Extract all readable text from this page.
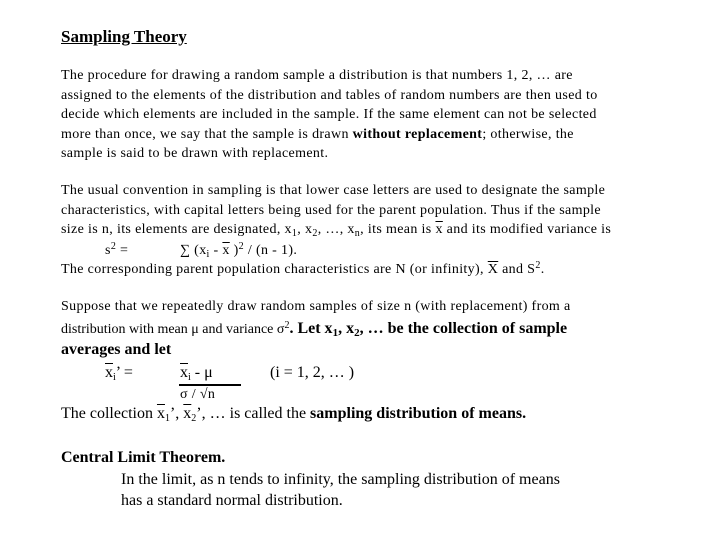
Sampling Theory
The procedure for drawing a random sample a distribution is that numbers 1, 2, … are
assigned to the elements of the distribution and tables of random numbers are then used to
decide which elements are included in the sample. If the same element can not be selected
more than once, we say that the sample is drawn without replacement; otherwise, the
sample is said to be drawn with replacement.
The usual convention in sampling is that lower case letters are used to designate the sample
characteristics, with capital letters being used for the parent population. Thus if the sample
size is n, its elements are designated, $x_1$, $x_2$, …, $x_n$, its mean is $\overline{x}$ and its modified variance is
$s^2$ =	∑ ($x_i - \overline{x}$ )$^2$ / (n - 1).
The corresponding parent population characteristics are N (or infinity), $\overline{X}$ and $S^2$.
Suppose that we repeatedly draw random samples of size n (with replacement) from a
distribution with mean μ and variance $\sigma^2$. Let x1, x2, … be the collection of sample
averages and let
$\overline{x}_i$’ =	$\overline{x}_i$ - μ	(i = 1, 2, … )
σ / √n
The collection $\overline{x}_1$’, $\overline{x}_2$’, … is called the sampling distribution of means.
Central Limit Theorem.
In the limit, as n tends to infinity, the sampling distribution of means
has a standard normal distribution.
